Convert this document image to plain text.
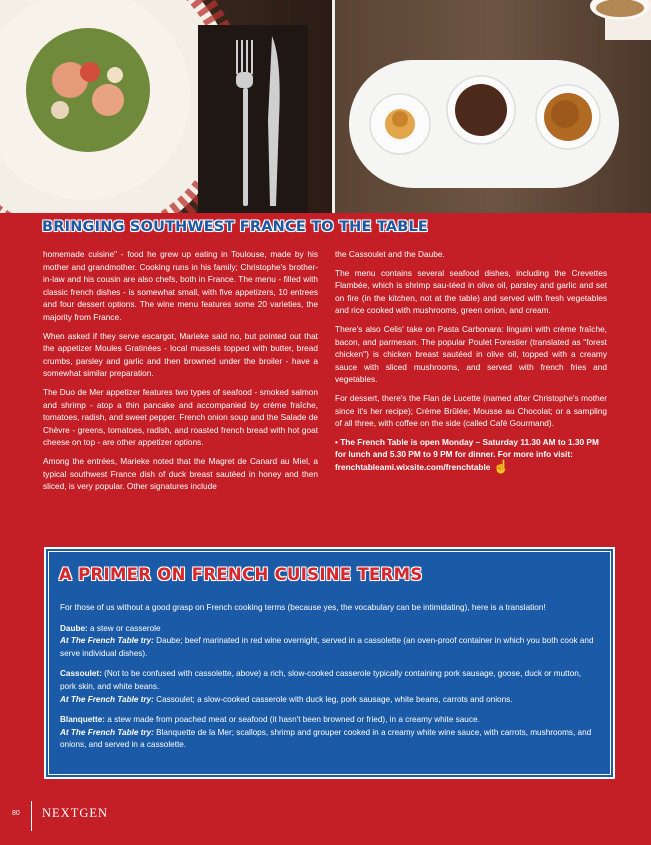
BRINGING SOUTHWEST FRANCE TO THE TABLE

homemade cuisine" - food he grew up eating in Toulouse, made by his mother and grandmother. Cooking runs in his family; Christophe's brother-in-law and his cousin are also chefs, both in France. The menu - filled with classic french dishes - is somewhat small, with five appetizers, 10 entrees and four dessert options. The wine menu features some 20 varieties, the majority from France.

When asked if they serve escargot, Marieke said no, but pointed out that the appetizer Moules Gratinées - local mussels topped with butter, bread crumbs, parsley and garlic and then browned under the broiler - have a somewhat similar preparation.

The Duo de Mer appetizer features two types of seafood - smoked salmon and shrimp - atop a thin pancake and accompanied by crème fraîche, tomatoes, radish, and sweet pepper. French onion soup and the Salade de Chèvre - greens, tomatoes, radish, and roasted french bread with hot goat cheese on top - are other appetizer options.

Among the entrées, Marieke noted that the Magret de Canard au Miel, a typical southwest France dish of duck breast sautéed in honey and then sliced, is very popular. Other signatures include

the Cassoulet and the Daube.

The menu contains several seafood dishes, including the Crevettes Flambée, which is shrimp sau-téed in olive oil, parsley and garlic and set on fire (in the kitchen, not at the table) and served with fresh vegetables and rice cooked with mushrooms, green onion, and cream.

There's also Celis' take on Pasta Carbonara: linguini with crème fraîche, bacon, and parmesan. The popular Poulet Forestier (translated as "forest chicken") is chicken breast sautéed in olive oil, topped with a creamy sauce with sliced mushrooms, and served with french fries and vegetables.

For dessert, there's the Flan de Lucette (named after Christophe's mother since it's her recipe); Crème Brûlée; Mousse au Chocolat; or a sampling of all three, with coffee on the side (called Café Gourmand).

• The French Table is open Monday – Saturday 11.30 AM to 1.30 PM for lunch and 5.30 PM to 9 PM for dinner. For more info visit: frenchtableami.wixsite.com/frenchtable ☝

A PRIMER ON FRENCH CUISINE TERMS

For those of us without a good grasp on French cooking terms (because yes, the vocabulary can be intimidating), here is a translation!

Daube: a stew or casserole
At The French Table try: Daube; beef marinated in red wine overnight, served in a cassolette (an oven-proof container in which you both cook and serve individual dishes).

Cassoulet: (Not to be confused with cassolette, above) a rich, slow-cooked casserole typically containing pork sausage, goose, duck or mutton, pork skin, and white beans.
At The French Table try: Cassoulet; a slow-cooked casserole with duck leg, pork sausage, white beans, carrots and onions.

Blanquette: a stew made from poached meat or seafood (it hasn't been browned or fried), in a creamy white sauce.
At The French Table try: Blanquette de la Mer; scallops, shrimp and grouper cooked in a creamy white wine sauce, with carrots, mushrooms, and onions, and served in a cassolette.

80 NEXTGEN
